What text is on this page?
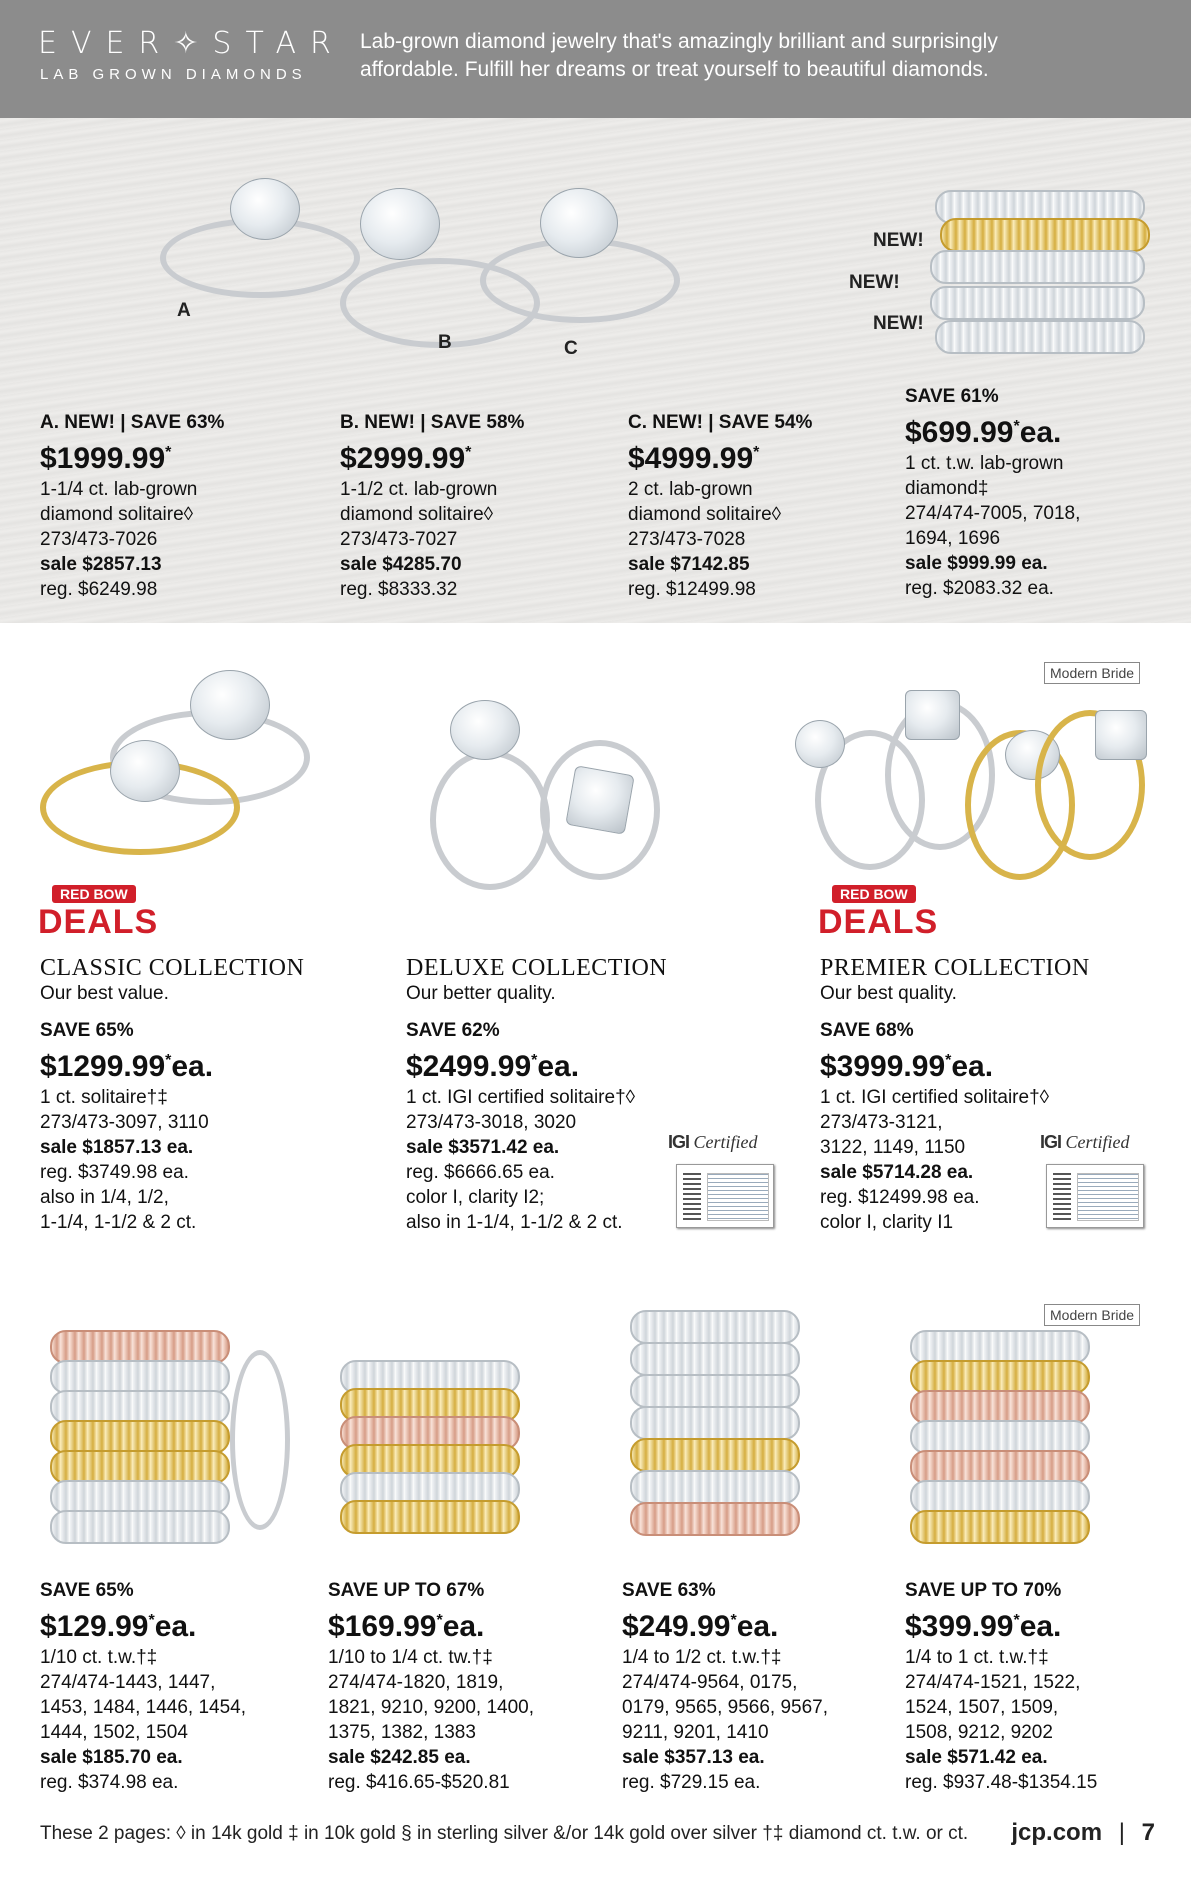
EVER✧STAR
LAB GROWN DIAMONDS
Lab-grown diamond jewelry that's amazingly brilliant and surprisingly
affordable. Fulfill her dreams or treat yourself to beautiful diamonds.
A
B	C
NEW!
NEW!
NEW!
A. NEW! | SAVE 63%
$1999.99*
1-1/4 ct. lab-grown
diamond solitaire◊
273/473-7026
sale $2857.13
reg. $6249.98
B. NEW! | SAVE 58%
$2999.99*
1-1/2 ct. lab-grown
diamond solitaire◊
273/473-7027
sale $4285.70
reg. $8333.32
C. NEW! | SAVE 54%
$4999.99*
2 ct. lab-grown
diamond solitaire◊
273/473-7028
sale $7142.85
reg. $12499.98
SAVE 61%
$699.99*ea.
1 ct. t.w. lab-grown
diamond‡
274/474-7005, 7018,
1694, 1696
sale $999.99 ea.
reg. $2083.32 ea.
Modern Bride
RED BOW
DEALS
CLASSIC COLLECTION
Our best value.
SAVE 65%
$1299.99*ea.
1 ct. solitaire†‡
273/473-3097, 3110
sale $1857.13 ea.
reg. $3749.98 ea.
also in 1/4, 1/2,
1-1/4, 1-1/2 & 2 ct.
DELUXE COLLECTION
Our better quality.
SAVE 62%
$2499.99*ea.
1 ct. IGI certified solitaire†◊
273/473-3018, 3020
sale $3571.42 ea.
reg. $6666.65 ea.
color I, clarity I2;
also in 1-1/4, 1-1/2 & 2 ct.
IGI Certified
RED BOW
DEALS
PREMIER COLLECTION
Our best quality.
SAVE 68%
$3999.99*ea.
1 ct. IGI certified solitaire†◊
273/473-3121,
3122, 1149, 1150
sale $5714.28 ea.
reg. $12499.98 ea.
color I, clarity I1
IGI Certified
Modern Bride
SAVE 65%
$129.99*ea.
1/10 ct. t.w.†‡
274/474-1443, 1447,
1453, 1484, 1446, 1454,
1444, 1502, 1504
sale $185.70 ea.
reg. $374.98 ea.
SAVE UP TO 67%
$169.99*ea.
1/10 to 1/4 ct. tw.†‡
274/474-1820, 1819,
1821, 9210, 9200, 1400,
1375, 1382, 1383
sale $242.85 ea.
reg. $416.65-$520.81
SAVE 63%
$249.99*ea.
1/4 to 1/2 ct. t.w.†‡
274/474-9564, 0175,
0179, 9565, 9566, 9567,
9211, 9201, 1410
sale $357.13 ea.
reg. $729.15 ea.
SAVE UP TO 70%
$399.99*ea.
1/4 to 1 ct. t.w.†‡
274/474-1521, 1522,
1524, 1507, 1509,
1508, 9212, 9202
sale $571.42 ea.
reg. $937.48-$1354.15
These 2 pages: ◊ in 14k gold ‡ in 10k gold § in sterling silver &/or 14k gold over silver †‡ diamond ct. t.w. or ct. jcp.com | 7
